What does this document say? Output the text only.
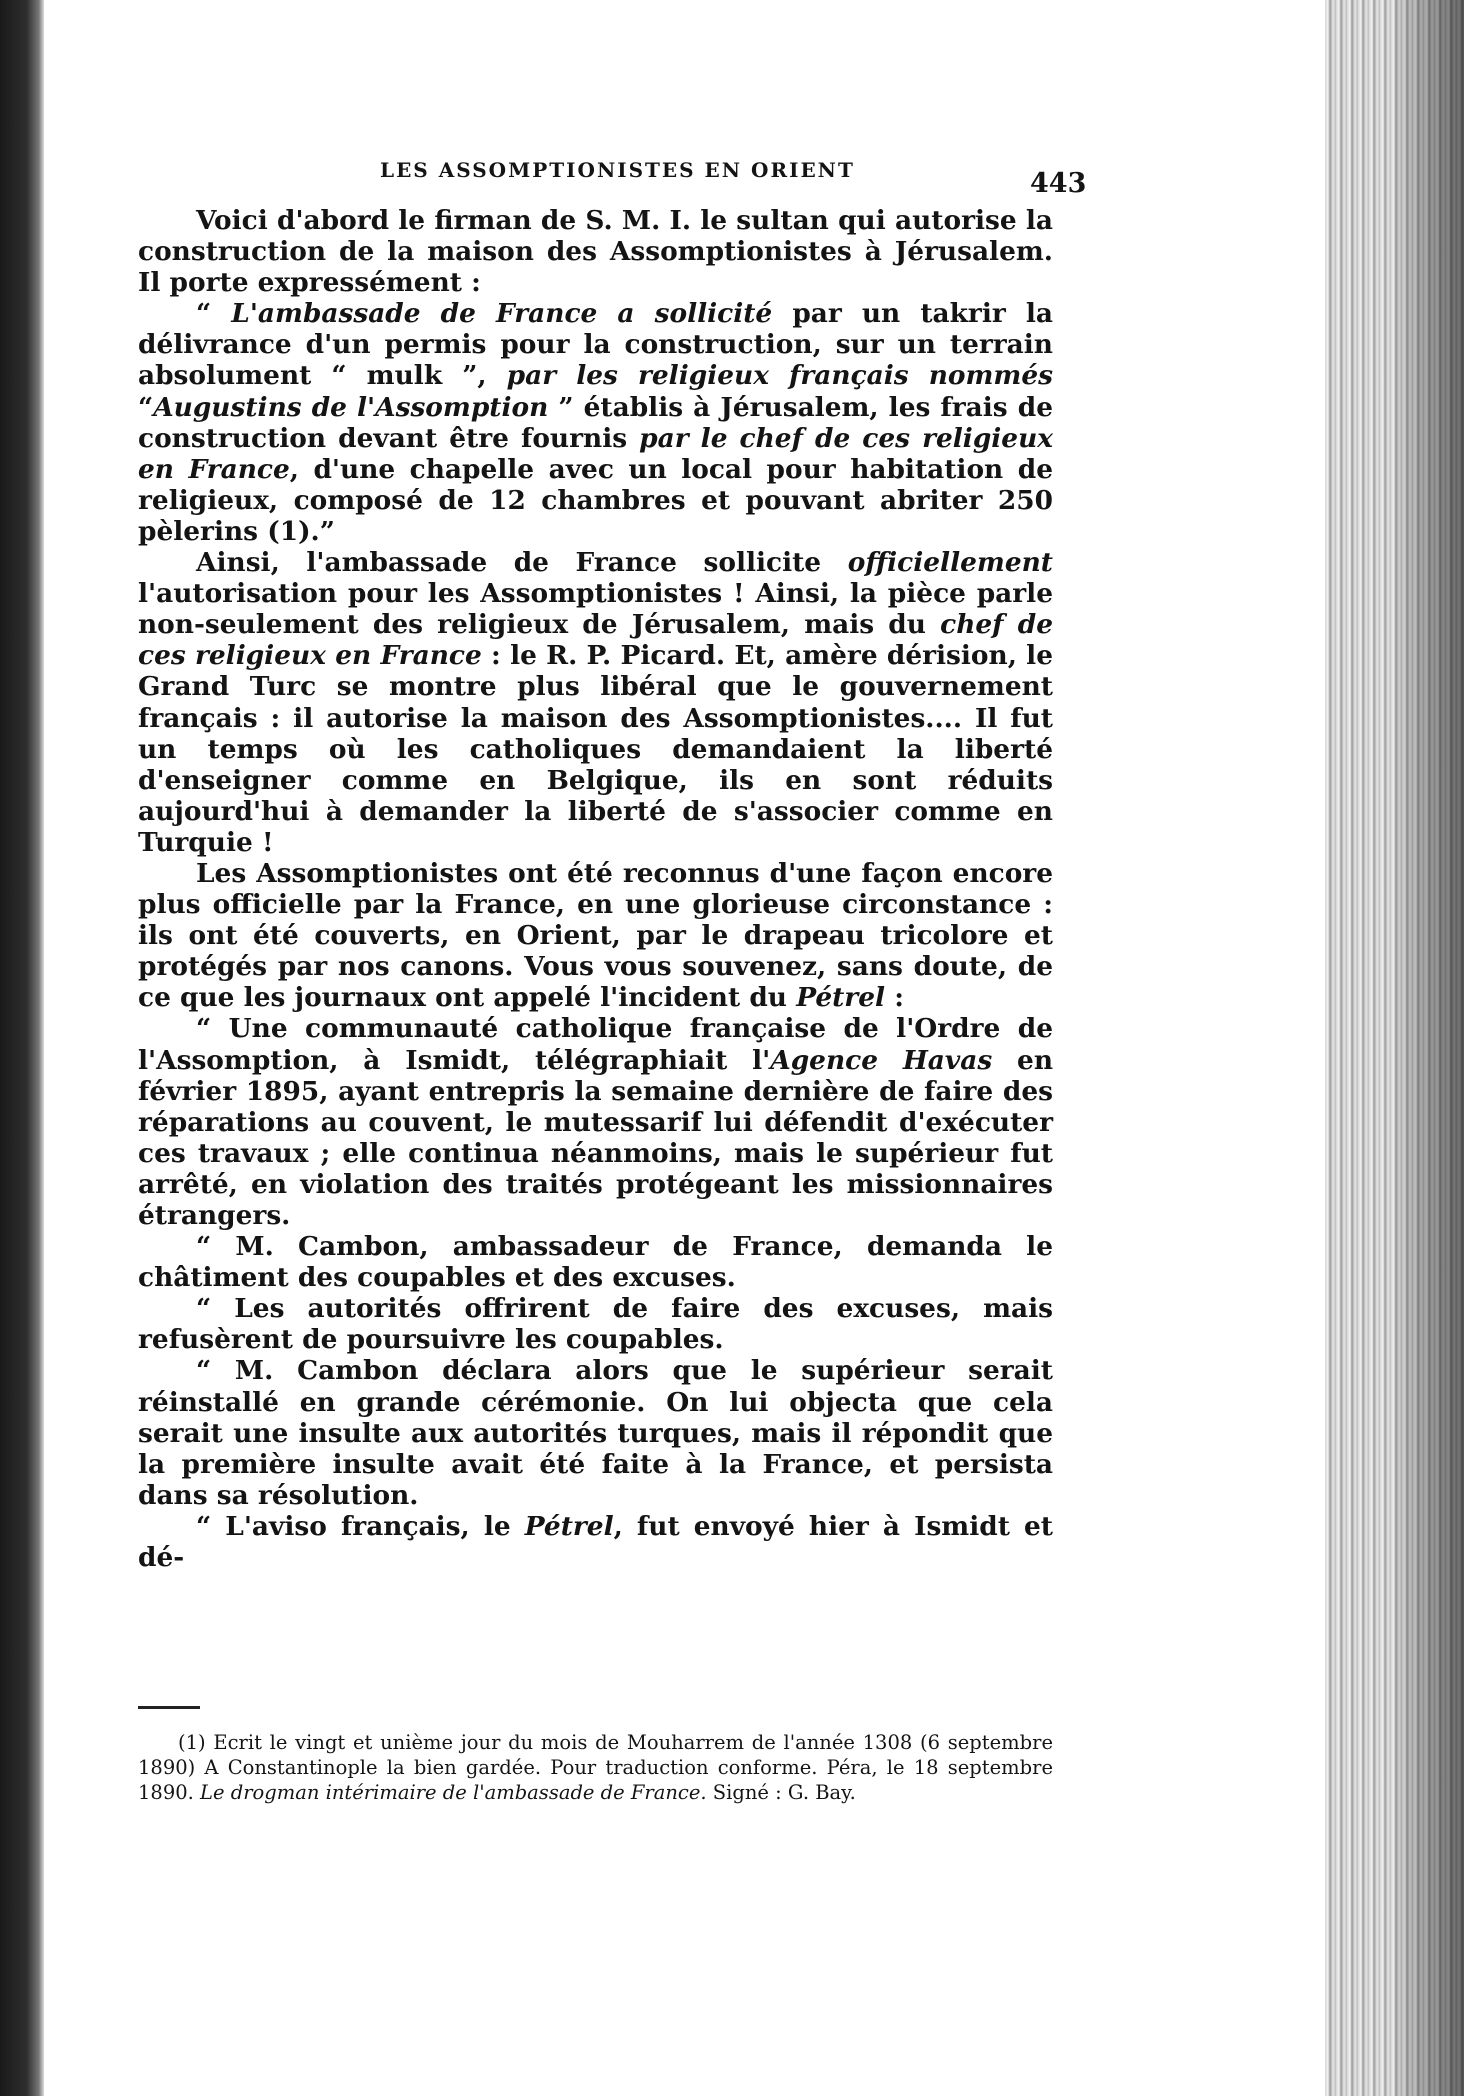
LES ASSOMPTIONISTES EN ORIENT	443

Voici d'abord le firman de S. M. I. le sultan qui autorise la construction de la maison des Assomptionistes à Jérusalem. Il porte expressément :

“ L'ambassade de France a sollicité par un takrir la délivrance d'un permis pour la construction, sur un terrain absolument “ mulk ”, par les religieux français nommés “Augustins de l'Assomption ” établis à Jérusalem, les frais de construction devant être fournis par le chef de ces religieux en France, d'une chapelle avec un local pour habitation de religieux, composé de 12 chambres et pouvant abriter 250 pèlerins (1).”

Ainsi, l'ambassade de France sollicite officiellement l'autorisation pour les Assomptionistes ! Ainsi, la pièce parle non-seulement des religieux de Jérusalem, mais du chef de ces religieux en France : le R. P. Picard. Et, amère dérision, le Grand Turc se montre plus libéral que le gouvernement français : il autorise la maison des Assomptionistes.... Il fut un temps où les catholiques demandaient la liberté d'enseigner comme en Belgique, ils en sont réduits aujourd'hui à demander la liberté de s'associer comme en Turquie !

Les Assomptionistes ont été reconnus d'une façon encore plus officielle par la France, en une glorieuse circonstance : ils ont été couverts, en Orient, par le drapeau tricolore et protégés par nos canons. Vous vous souvenez, sans doute, de ce que les journaux ont appelé l'incident du Pétrel :

“ Une communauté catholique française de l'Ordre de l'Assomption, à Ismidt, télégraphiait l'Agence Havas en février 1895, ayant entrepris la semaine dernière de faire des réparations au couvent, le mutessarif lui défendit d'exécuter ces travaux ; elle continua néanmoins, mais le supérieur fut arrêté, en violation des traités protégeant les missionnaires étrangers.

“ M. Cambon, ambassadeur de France, demanda le châtiment des coupables et des excuses.

“ Les autorités offrirent de faire des excuses, mais refusèrent de poursuivre les coupables.

“ M. Cambon déclara alors que le supérieur serait réinstallé en grande cérémonie. On lui objecta que cela serait une insulte aux autorités turques, mais il répondit que la première insulte avait été faite à la France, et persista dans sa résolution.

“ L'aviso français, le Pétrel, fut envoyé hier à Ismidt et dé-

(1) Ecrit le vingt et unième jour du mois de Mouharrem de l'année 1308 (6 septembre 1890) A Constantinople la bien gardée. Pour traduction conforme. Péra, le 18 septembre 1890. Le drogman intérimaire de l'ambassade de France. Signé : G. Bay.
